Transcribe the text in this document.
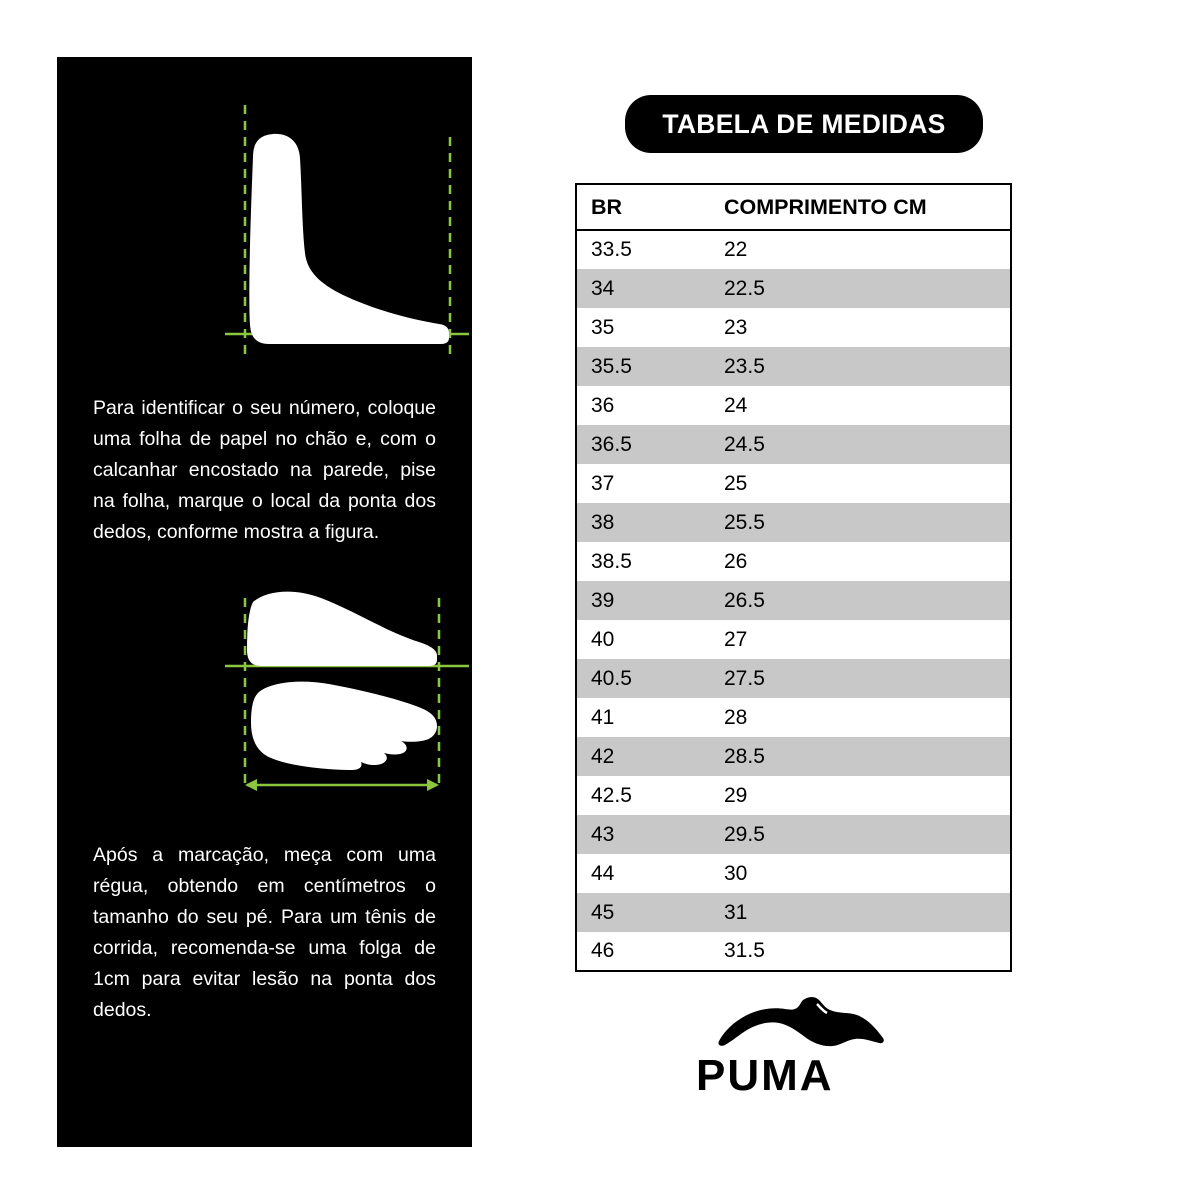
Para identificar o seu número, coloque uma folha de papel no chão e, com o calcanhar encostado na parede, pise na folha, marque o local da ponta dos dedos, conforme mostra a figura.
Após a marcação, meça com uma régua, obtendo em centímetros o tamanho do seu pé. Para um tênis de corrida, recomenda-se uma folga de 1cm para evitar lesão na ponta dos dedos.
TABELA DE MEDIDAS
BR	COMPRIMENTO CM
33.5	22
34	22.5
35	23
35.5	23.5
36	24
36.5	24.5
37	25
38	25.5
38.5	26
39	26.5
40	27
40.5	27.5
41	28
42	28.5
42.5	29
43	29.5
44	30
45	31
46	31.5
PUMA
